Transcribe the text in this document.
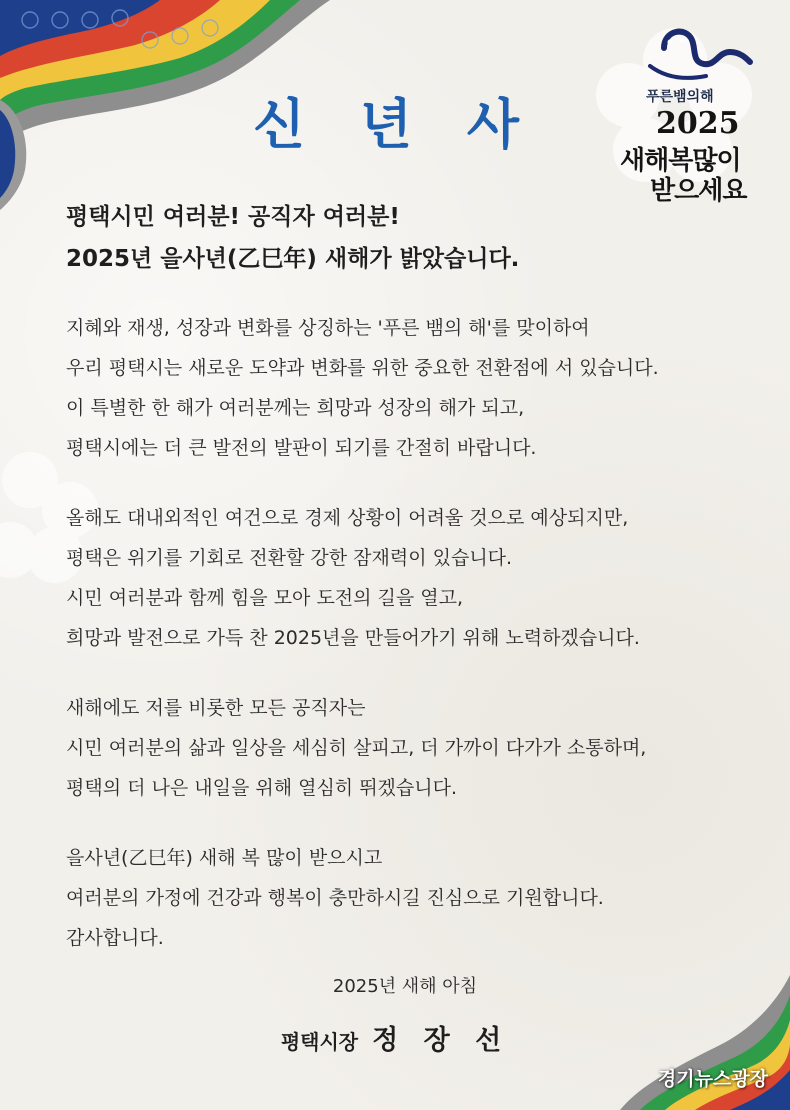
푸른뱀의해
2025
새해복많이
받으세요
신 년 사
평택시민 여러분! 공직자 여러분!
2025년 을사년(乙巳年) 새해가 밝았습니다.
지혜와 재생, 성장과 변화를 상징하는 '푸른 뱀의 해'를 맞이하여
우리 평택시는 새로운 도약과 변화를 위한 중요한 전환점에 서 있습니다.
이 특별한 한 해가 여러분께는 희망과 성장의 해가 되고,
평택시에는 더 큰 발전의 발판이 되기를 간절히 바랍니다.
올해도 대내외적인 여건으로 경제 상황이 어려울 것으로 예상되지만,
평택은 위기를 기회로 전환할 강한 잠재력이 있습니다.
시민 여러분과 함께 힘을 모아 도전의 길을 열고,
희망과 발전으로 가득 찬 2025년을 만들어가기 위해 노력하겠습니다.
새해에도 저를 비롯한 모든 공직자는
시민 여러분의 삶과 일상을 세심히 살피고, 더 가까이 다가가 소통하며,
평택의 더 나은 내일을 위해 열심히 뛰겠습니다.
을사년(乙巳年) 새해 복 많이 받으시고
여러분의 가정에 건강과 행복이 충만하시길 진심으로 기원합니다.
감사합니다.
2025년 새해 아침
평택시장 정 장 선
경기뉴스광장
